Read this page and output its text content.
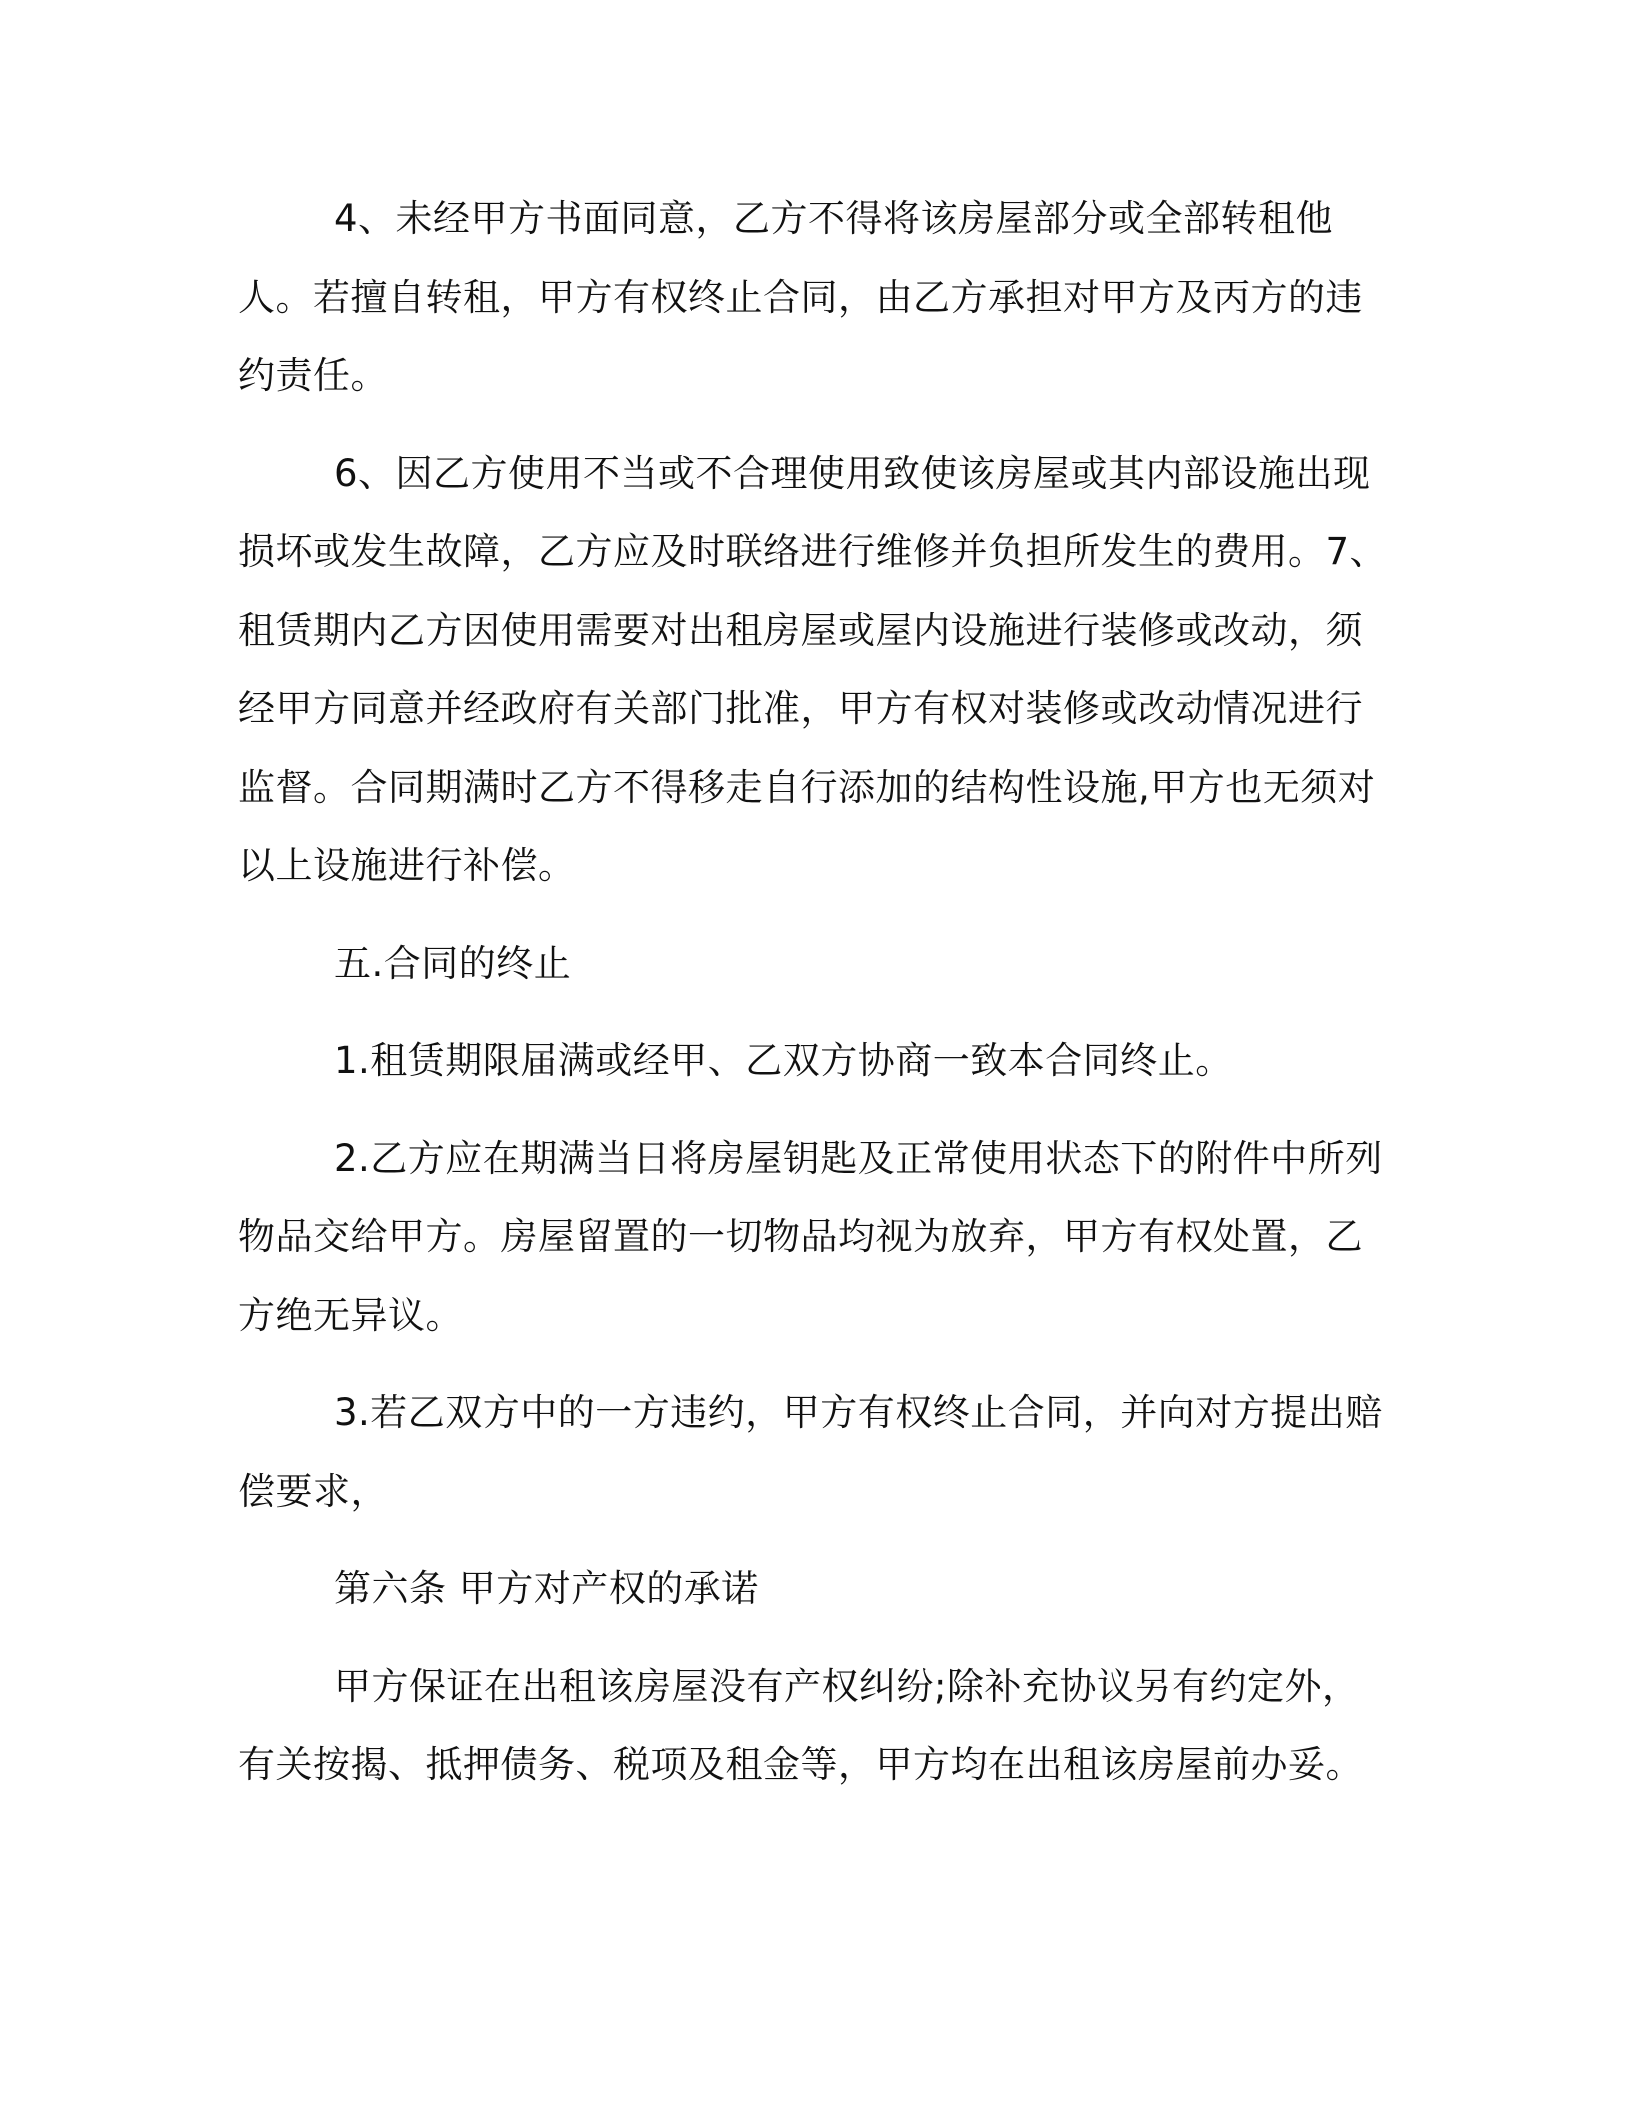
4、未经甲方书面同意，乙方不得将该房屋部分或全部转租他人。若擅自转租，甲方有权终止合同，由乙方承担对甲方及丙方的违约责任。

6、因乙方使用不当或不合理使用致使该房屋或其内部设施出现损坏或发生故障，乙方应及时联络进行维修并负担所发生的费用。7、租赁期内乙方因使用需要对出租房屋或屋内设施进行装修或改动，须经甲方同意并经政府有关部门批准，甲方有权对装修或改动情况进行监督。合同期满时乙方不得移走自行添加的结构性设施,甲方也无须对以上设施进行补偿。

五.合同的终止

1.租赁期限届满或经甲、乙双方协商一致本合同终止。

2.乙方应在期满当日将房屋钥匙及正常使用状态下的附件中所列物品交给甲方。房屋留置的一切物品均视为放弃，甲方有权处置，乙方绝无异议。

3.若乙双方中的一方违约，甲方有权终止合同，并向对方提出赔偿要求，

第六条 甲方对产权的承诺

甲方保证在出租该房屋没有产权纠纷;除补充协议另有约定外，有关按揭、抵押债务、税项及租金等，甲方均在出租该房屋前办妥。
